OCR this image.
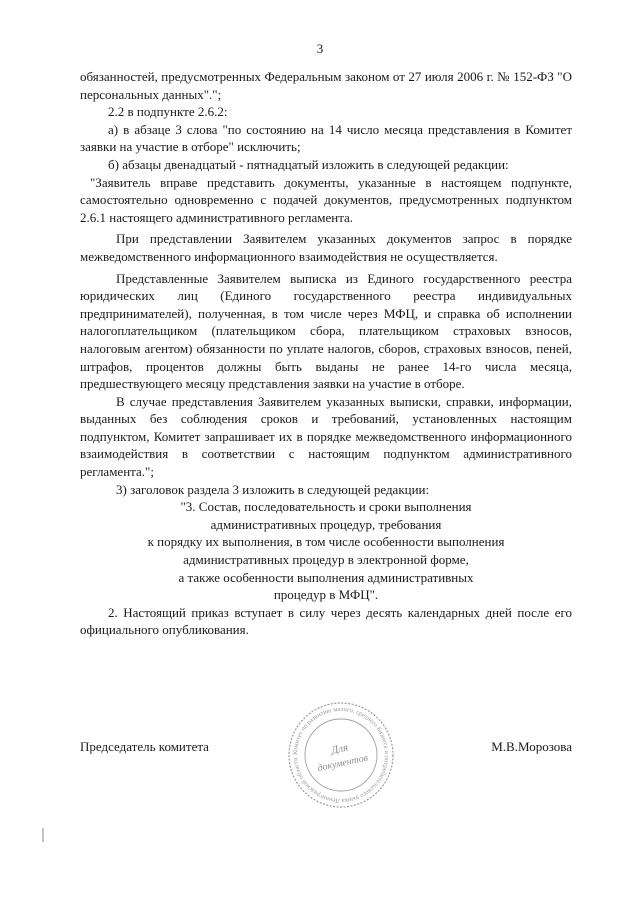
3

обязанностей, предусмотренных Федеральным законом от 27 июля 2006 г. № 152-ФЗ "О персональных данных".";

2.2 в подпункте 2.6.2:

а) в абзаце 3 слова "по состоянию на 14 число месяца представления в Комитет заявки на участие в отборе" исключить;

б) абзацы двенадцатый - пятнадцатый изложить в следующей редакции:

"Заявитель вправе представить документы, указанные в настоящем подпункте, самостоятельно одновременно с подачей документов, предусмотренных подпунктом 2.6.1 настоящего административного регламента.

При представлении Заявителем указанных документов запрос в порядке межведомственного информационного взаимодействия не осуществляется.

Представленные Заявителем выписка из Единого государственного реестра юридических лиц (Единого государственного реестра индивидуальных предпринимателей), полученная, в том числе через МФЦ, и справка об исполнении налогоплательщиком (плательщиком сбора, плательщиком страховых взносов, налоговым агентом) обязанности по уплате налогов, сборов, страховых взносов, пеней, штрафов, процентов должны быть выданы не ранее 14-го числа месяца, предшествующего месяцу представления заявки на участие в отборе.

В случае представления Заявителем указанных выписки, справки, информации, выданных без соблюдения сроков и требований, установленных настоящим подпунктом, Комитет запрашивает их в порядке межведомственного информационного взаимодействия в соответствии с настоящим подпунктом административного регламента.";

3) заголовок раздела 3 изложить в следующей редакции:

"3. Состав, последовательность и сроки выполнения
административных процедур, требования
к порядку их выполнения, в том числе особенности выполнения
административных процедур в электронной форме,
а также особенности выполнения административных
процедур в МФЦ".

2. Настоящий приказ вступает в силу через десять календарных дней после его официального опубликования.

Председатель комитета	М.В.Морозова
Комитет по развитию малого, среднего бизнеса и потребительского рынка Ленинградской области
Для
документов
